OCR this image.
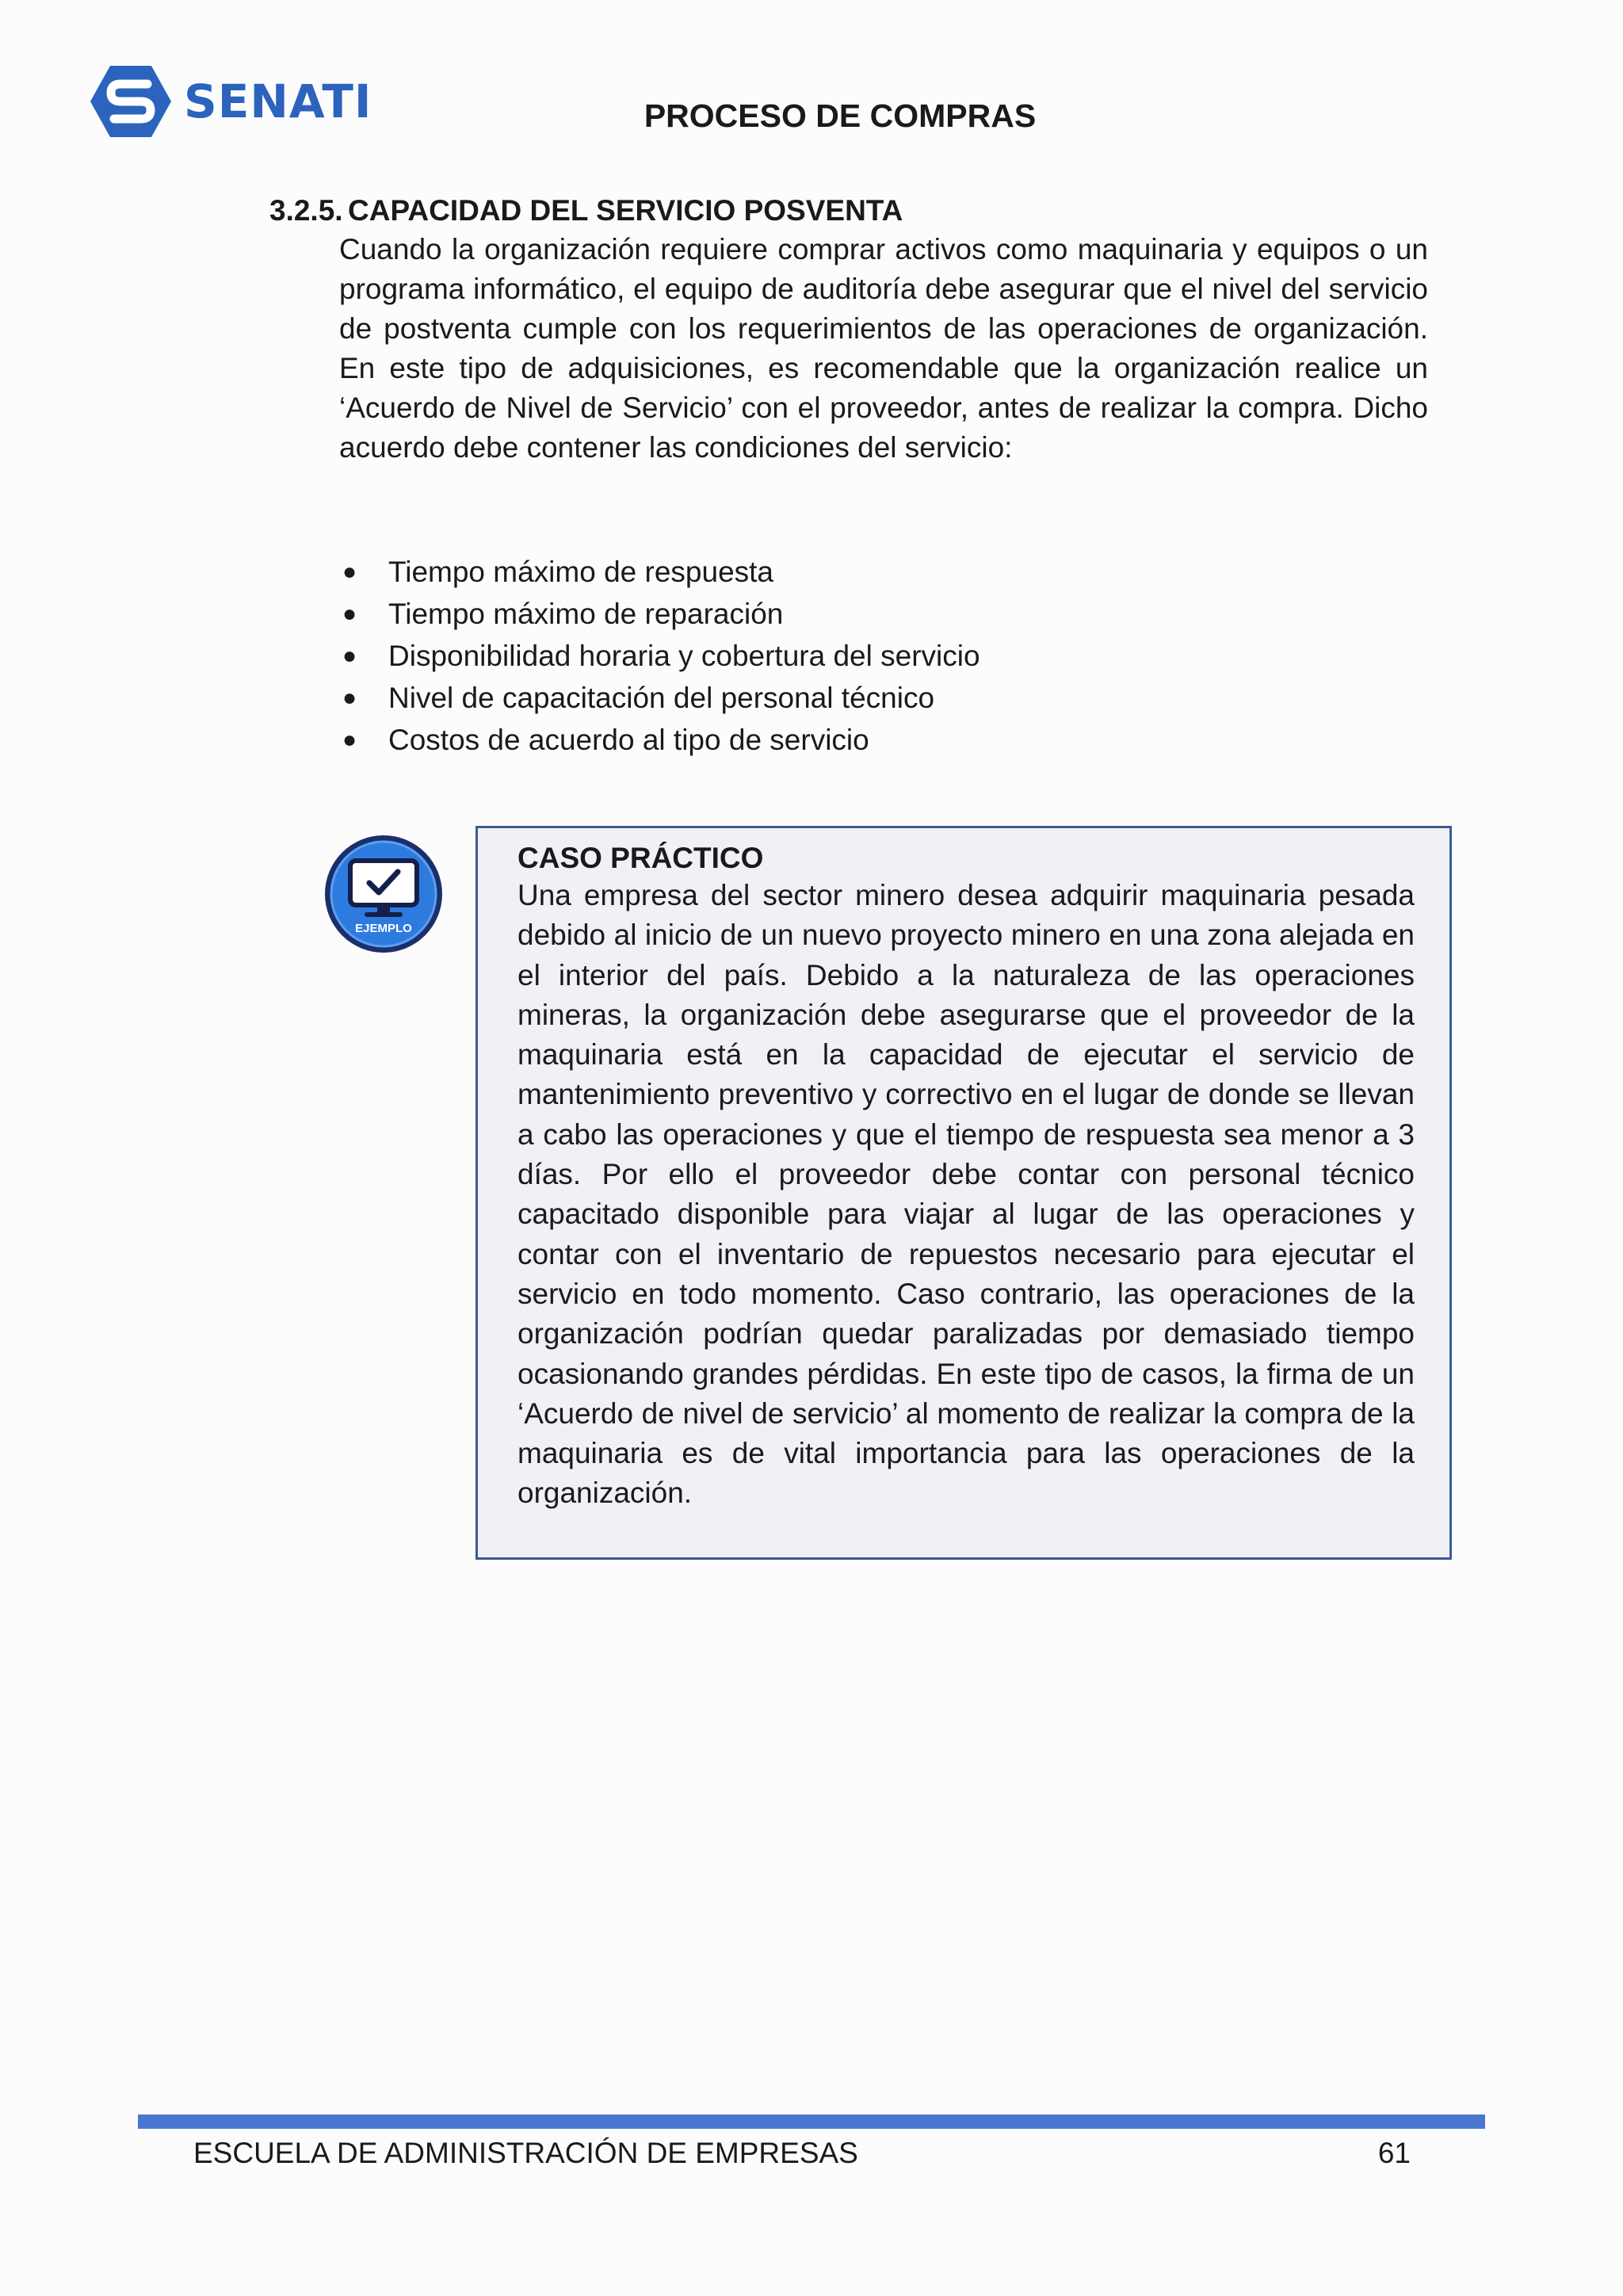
SENATI	PROCESO DE COMPRAS
3.2.5. CAPACIDAD DEL SERVICIO POSVENTA

Cuando la organización requiere comprar activos como maquinaria y equipos o un programa informático, el equipo de auditoría debe asegurar que el nivel del servicio de postventa cumple con los requerimientos de las operaciones de organización. En este tipo de adquisiciones, es recomendable que la organización realice un ‘Acuerdo de Nivel de Servicio’ con el proveedor, antes de realizar la compra. Dicho acuerdo debe contener las condiciones del servicio:

● Tiempo máximo de respuesta
● Tiempo máximo de reparación
● Disponibilidad horaria y cobertura del servicio
● Nivel de capacitación del personal técnico
● Costos de acuerdo al tipo de servicio
EJEMPLO
CASO PRÁCTICO

Una empresa del sector minero desea adquirir maquinaria pesada debido al inicio de un nuevo proyecto minero en una zona alejada en el interior del país. Debido a la naturaleza de las operaciones mineras, la organización debe asegurarse que el proveedor de la maquinaria está en la capacidad de ejecutar el servicio de mantenimiento preventivo y correctivo en el lugar de donde se llevan a cabo las operaciones y que el tiempo de respuesta sea menor a 3 días. Por ello el proveedor debe contar con personal técnico capacitado disponible para viajar al lugar de las operaciones y contar con el inventario de repuestos necesario para ejecutar el servicio en todo momento. Caso contrario, las operaciones de la organización podrían quedar paralizadas por demasiado tiempo ocasionando grandes pérdidas. En este tipo de casos, la firma de un ‘Acuerdo de nivel de servicio’ al momento de realizar la compra de la maquinaria es de vital importancia para las operaciones de la organización.

ESCUELA DE ADMINISTRACIÓN DE EMPRESAS	61
